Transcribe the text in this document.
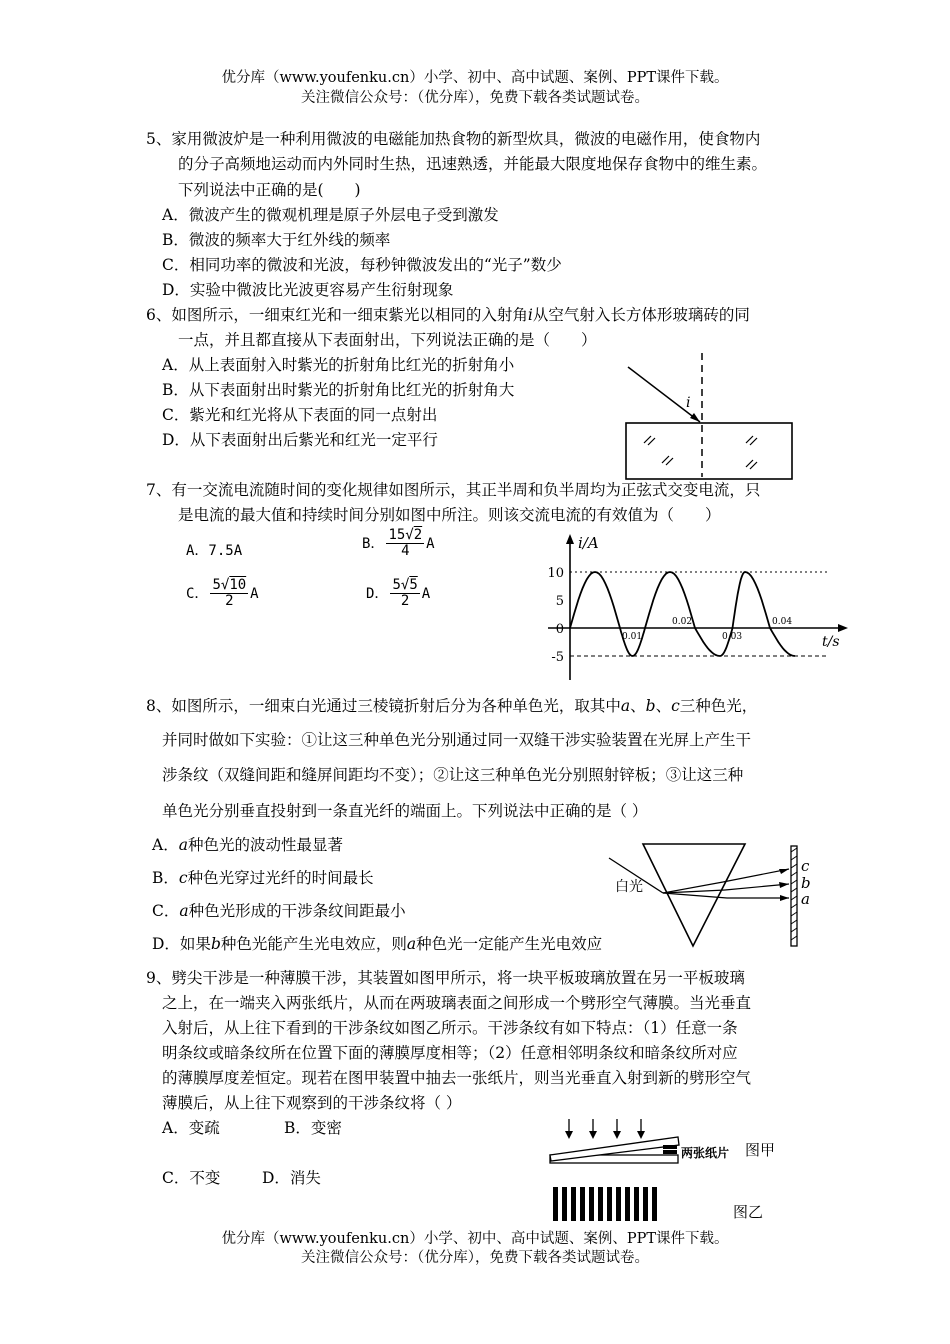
优分库（www.youfenku.cn）小学、初中、高中试题、案例、PPT课件下载。
关注微信公众号：（优分库），免费下载各类试题试卷。
5、家用微波炉是一种利用微波的电磁能加热食物的新型炊具，微波的电磁作用，使食物内
的分子高频地运动而内外同时生热，迅速熟透，并能最大限度地保存食物中的维生素。
下列说法中正确的是(　　)
A．微波产生的微观机理是原子外层电子受到激发
B．微波的频率大于红外线的频率
C．相同功率的微波和光波，每秒钟微波发出的“光子”数少
D．实验中微波比光波更容易产生衍射现象
6、如图所示，一细束红光和一细束紫光以相同的入射角i从空气射入长方体形玻璃砖的同
一点，并且都直接从下表面射出，下列说法正确的是（　　）
A．从上表面射入时紫光的折射角比红光的折射角小
B．从下表面射出时紫光的折射角比红光的折射角大
C．紫光和红光将从下表面的同一点射出
D．从下表面射出后紫光和红光一定平行
i
7、有一交流电流随时间的变化规律如图所示，其正半周和负半周均为正弦式交变电流，只
是电流的最大值和持续时间分别如图中所注。则该交流电流的有效值为（　　）
A．7.5A	B． $\frac{15√2}{4}$ A
C． $\frac{5√10}{2}$ A	D． $\frac{5√5}{2}$ A
i/A
t/s
10
5
0
-5
0.01
0.02
0.03
0.04
8、如图所示，一细束白光通过三棱镜折射后分为各种单色光，取其中a、b、c三种色光，
并同时做如下实验：①让这三种单色光分别通过同一双缝干涉实验装置在光屏上产生干
涉条纹（双缝间距和缝屏间距均不变）；②让这三种单色光分别照射锌板；③让这三种
单色光分别垂直投射到一条直光纤的端面上。下列说法中正确的是（ ）
A．a种色光的波动性最显著
B．c种色光穿过光纤的时间最长
C．a种色光形成的干涉条纹间距最小
D．如果b种色光能产生光电效应，则a种色光一定能产生光电效应
白光
c
b
a
9、劈尖干涉是一种薄膜干涉，其装置如图甲所示，将一块平板玻璃放置在另一平板玻璃
之上，在一端夹入两张纸片，从而在两玻璃表面之间形成一个劈形空气薄膜。当光垂直
入射后，从上往下看到的干涉条纹如图乙所示。干涉条纹有如下特点：（1）任意一条
明条纹或暗条纹所在位置下面的薄膜厚度相等；（2）任意相邻明条纹和暗条纹所对应
的薄膜厚度差恒定。现若在图甲装置中抽去一张纸片，则当光垂直入射到新的劈形空气
薄膜后，从上往下观察到的干涉条纹将（ ）
A．变疏	B．变密
C．不变	D．消失
两张纸片 图甲
图乙
优分库（www.youfenku.cn）小学、初中、高中试题、案例、PPT课件下载。
关注微信公众号：（优分库），免费下载各类试题试卷。
